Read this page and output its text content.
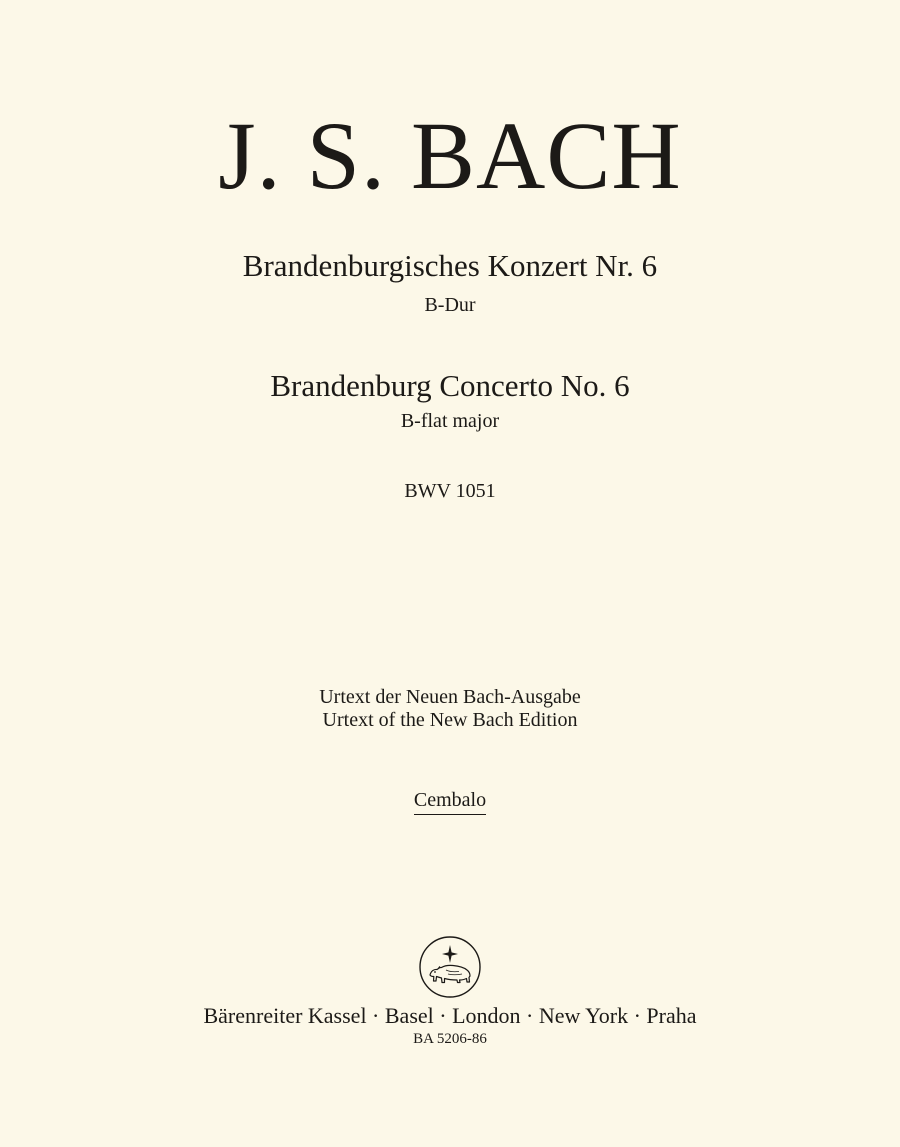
J. S. BACH
Brandenburgisches Konzert Nr. 6
B-Dur
Brandenburg Concerto No. 6
B-flat major
BWV 1051
Urtext der Neuen Bach-Ausgabe
Urtext of the New Bach Edition
Cembalo
Bärenreiter Kassel · Basel · London · New York · Praha
BA 5206-86
